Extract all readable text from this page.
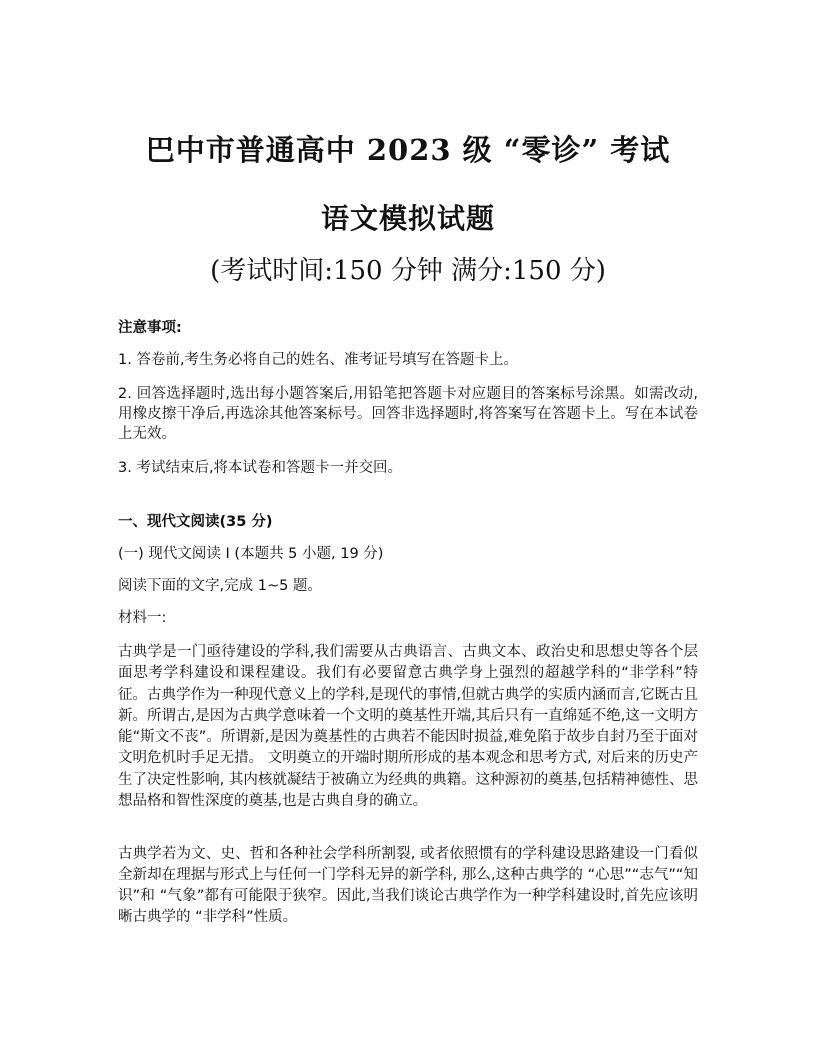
巴中市普通高中 2023 级 “零诊” 考试
语文模拟试题
(考试时间:150 分钟 满分:150 分)
注意事项:
1. 答卷前,考生务必将自己的姓名、准考证号填写在答题卡上。
2. 回答选择题时,选出每小题答案后,用铅笔把答题卡对应题目的答案标号涂黑。如需改动,用橡皮擦干净后,再选涂其他答案标号。回答非选择题时,将答案写在答题卡上。写在本试卷上无效。
3. 考试结束后,将本试卷和答题卡一并交回。
一、现代文阅读(35 分)
(一) 现代文阅读 I (本题共 5 小题, 19 分)
阅读下面的文字,完成 1~5 题。
材料一:
古典学是一门亟待建设的学科,我们需要从古典语言、古典文本、政治史和思想史等各个层面思考学科建设和课程建设。我们有必要留意古典学身上强烈的超越学科的“非学科”特征。古典学作为一种现代意义上的学科,是现代的事情,但就古典学的实质内涵而言,它既古且新。所谓古,是因为古典学意味着一个文明的奠基性开端,其后只有一直绵延不绝,这一文明方能“斯文不丧”。所谓新,是因为奠基性的古典若不能因时损益,难免陷于故步自封乃至于面对文明危机时手足无措。 文明奠立的开端时期所形成的基本观念和思考方式, 对后来的历史产生了决定性影响, 其内核就凝结于被确立为经典的典籍。这种源初的奠基,包括精神德性、思想品格和智性深度的奠基,也是古典自身的确立。
古典学若为文、史、哲和各种社会学科所割裂, 或者依照惯有的学科建设思路建设一门看似全新却在理据与形式上与任何一门学科无异的新学科, 那么,这种古典学的 “心思”“志气”“知识”和 “气象”都有可能限于狭窄。因此,当我们谈论古典学作为一种学科建设时,首先应该明晰古典学的 “非学科”性质。
